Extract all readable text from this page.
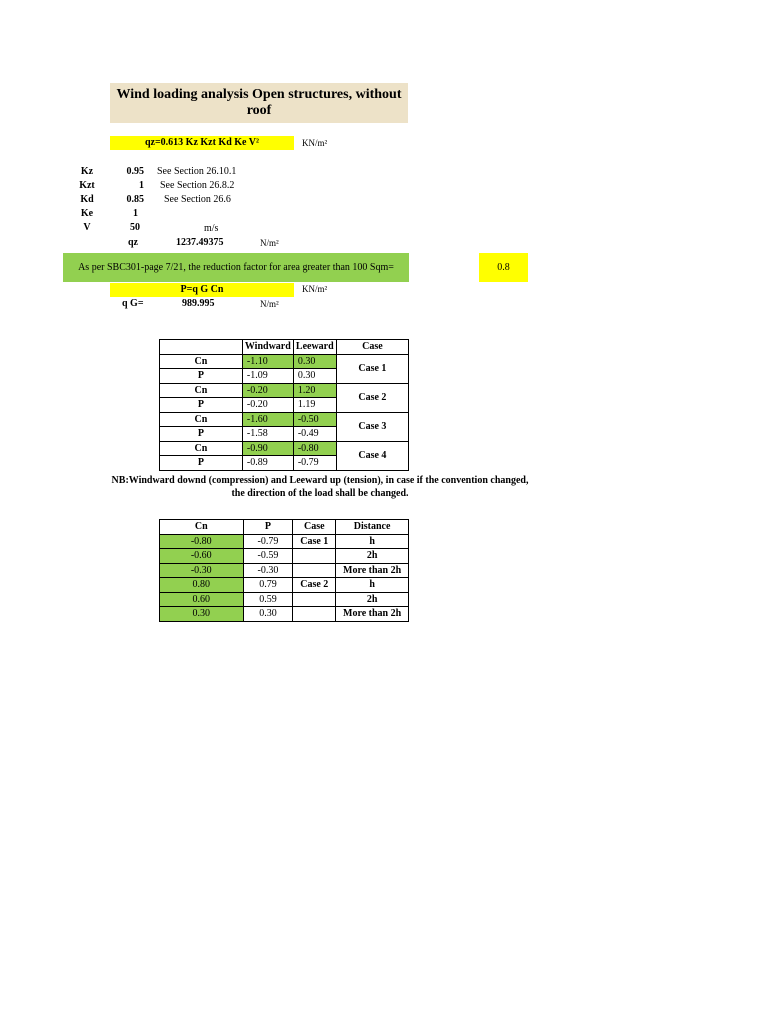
Wind loading analysis Open structures, without roof
qz=0.613 Kz Kzt Kd Ke V²	KN/m²
Kz	0.95 See Section 26.10.1
Kzt	1 See Section 26.8.2
Kd	0.85 See Section 26.6
Ke	1
V	50	m/s
qz	1237.49375	N/m²
As per SBC301-page 7/21, the reduction factor for area greater than 100 Sqm=	0.8
P=q G Cn	KN/m²
q G=	989.995	N/m²
	Windward	Leeward	Case
Cn	-1.10	0.30	Case 1
P	-1.09	0.30	
Cn	-0.20	1.20	Case 2
P	-0.20	1.19	
Cn	-1.60	-0.50	Case 3
P	-1.58	-0.49	
Cn	-0.90	-0.80	Case 4
P	-0.89	-0.79	
NB:Windward downd (compression) and Leeward up (tension), in case if the convention changed, the direction of the load shall be changed.
Cn	P	Case	Distance
-0.80	-0.79	Case 1	h
-0.60	-0.59		2h
-0.30	-0.30		More than 2h
0.80	0.79	Case 2	h
0.60	0.59		2h
0.30	0.30		More than 2h
